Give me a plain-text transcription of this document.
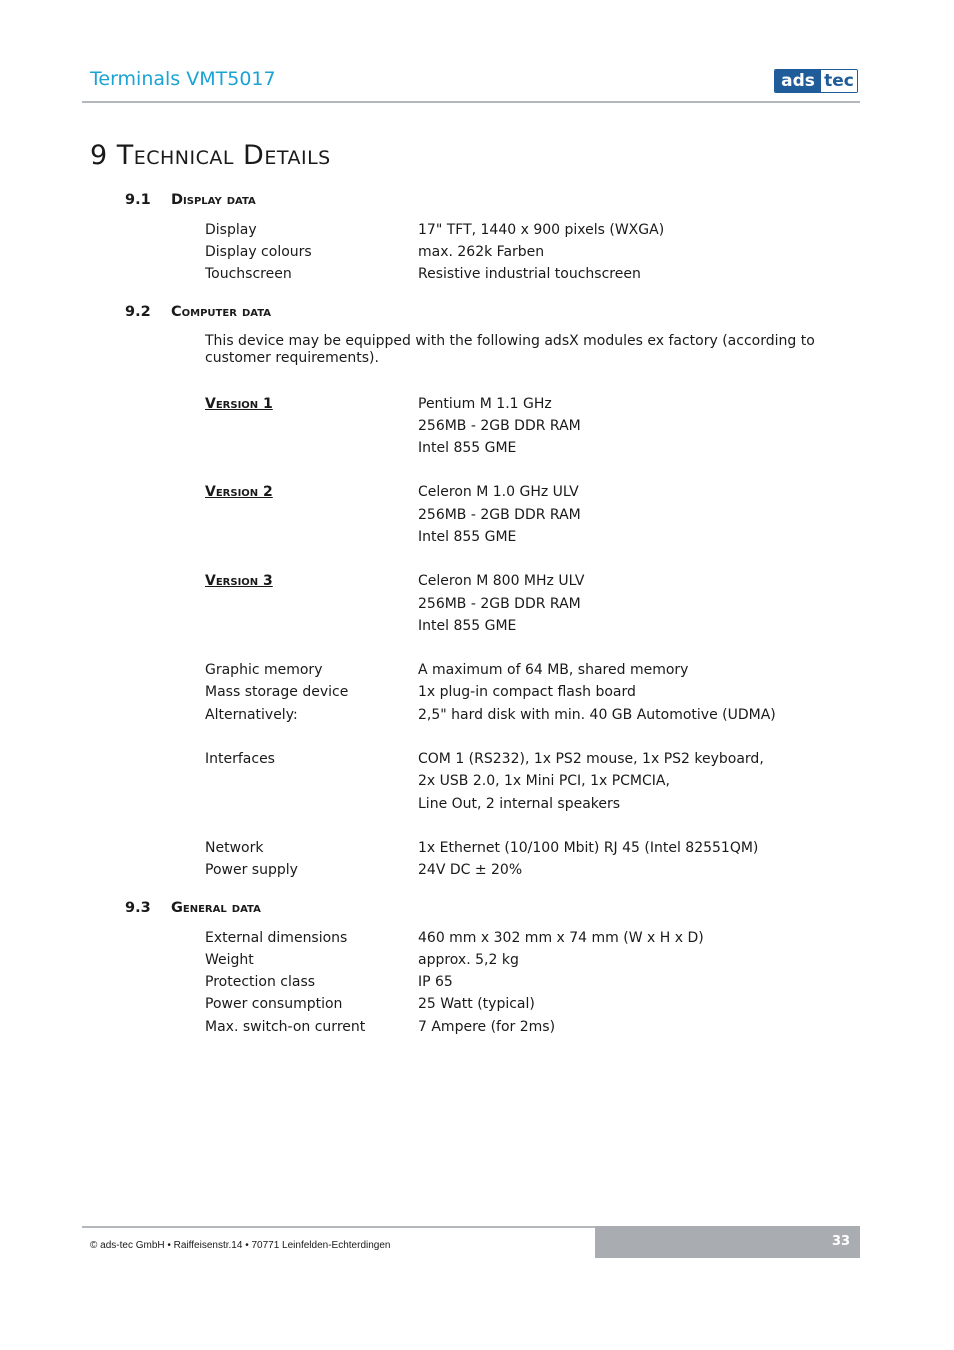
Terminals VMT5017	ads tec
9 Technical Details
9.1 Display data
Display	17" TFT, 1440 x 900 pixels (WXGA)
Display colours	max. 262k Farben
Touchscreen	Resistive industrial touchscreen
9.2 Computer data
This device may be equipped with the following adsX modules ex factory (according to customer requirements).
Version 1	Pentium M 1.1 GHz
256MB - 2GB DDR RAM
Intel 855 GME
Version 2	Celeron M 1.0 GHz ULV
256MB - 2GB DDR RAM
Intel 855 GME
Version 3	Celeron M 800 MHz ULV
256MB - 2GB DDR RAM
Intel 855 GME
Graphic memory	A maximum of 64 MB, shared memory
Mass storage device	1x plug-in compact flash board
Alternatively:	2,5" hard disk with min. 40 GB Automotive (UDMA)
Interfaces	COM 1 (RS232), 1x PS2 mouse, 1x PS2 keyboard,
2x USB 2.0, 1x Mini PCI, 1x PCMCIA,
Line Out, 2 internal speakers
Network	1x Ethernet (10/100 Mbit) RJ 45 (Intel 82551QM)
Power supply	24V DC ± 20%
9.3 General data
External dimensions	460 mm x 302 mm x 74 mm (W x H x D)
Weight	approx. 5,2 kg
Protection class	IP 65
Power consumption	25 Watt (typical)
Max. switch-on current	7 Ampere (for 2ms)
33
© ads-tec GmbH • Raiffeisenstr.14 • 70771 Leinfelden-Echterdingen
